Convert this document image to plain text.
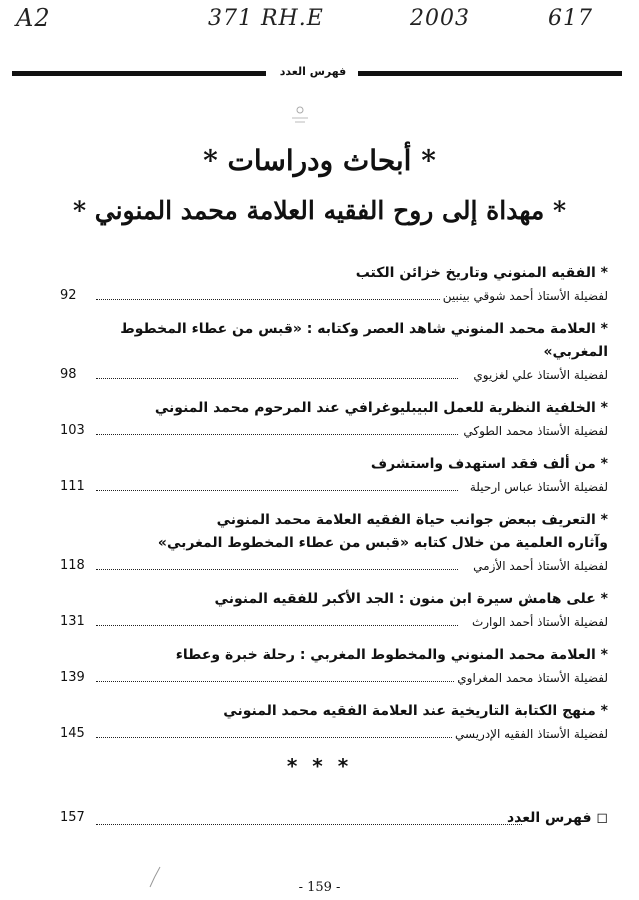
A2	371 RH.E	2003	617
فهرس العدد
* أبحاث ودراسات *
* مهداة إلى روح الفقيه العلامة محمد المنوني *
* الفقيه المنوني وتاريخ خزائن الكتب
لفضيلة الأستاذ أحمد شوقي بينبين
92
* العلامة محمد المنوني شاهد العصر وكتابه : «قبس من عطاء المخطوط المغربي»
لفضيلة الأستاذ علي لغزيوي
98
* الخلفية النظرية للعمل البيبليوغرافي عند المرحوم محمد المنوني
لفضيلة الأستاذ محمد الطوكي
103
* من ألف فقد استهدف واستشرف
لفضيلة الأستاذ عباس ارحيلة
111
* التعريف ببعض جوانب حياة الفقيه العلامة محمد المنوني
وآثاره العلمية من خلال كتابه «قبس من عطاء المخطوط المغربي»
لفضيلة الأستاذ أحمد الأزمي
118
* على هامش سيرة ابن منون : الجد الأكبر للفقيه المنوني
لفضيلة الأستاذ أحمد الوارث
131
* العلامة محمد المنوني والمخطوط المغربي : رحلة خبرة وعطاء
لفضيلة الأستاذ محمد المغراوي
139
* منهج الكتابة التاريخية عند العلامة الفقيه محمد المنوني
لفضيلة الأستاذ الفقيه الإدريسي
145
* * *
◻ فهرس العدد
157
- 159 -
